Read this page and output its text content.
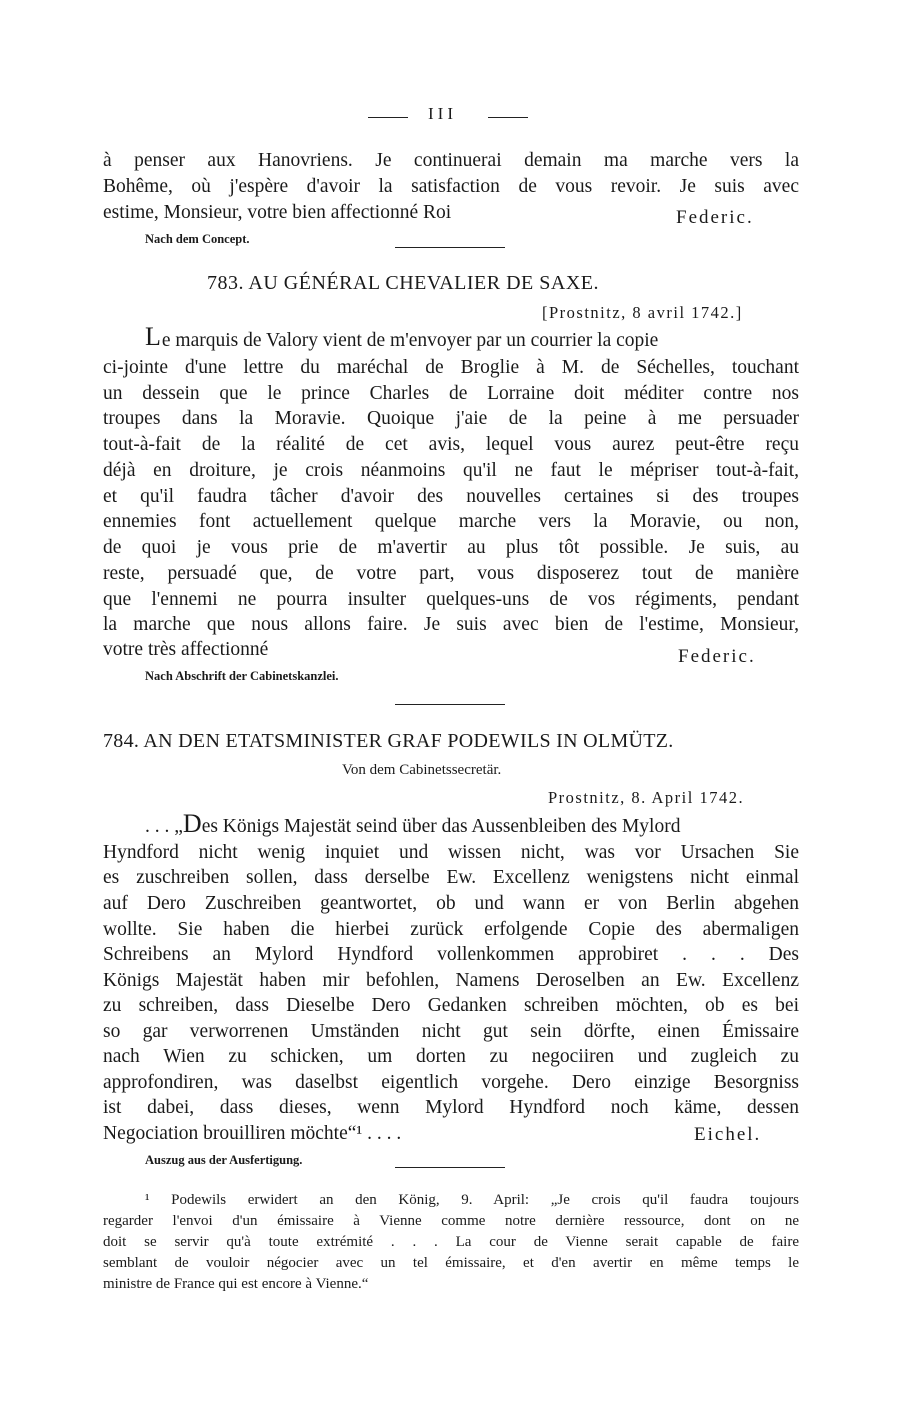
III
à penser aux Hanovriens. Je continuerai demain ma marche vers la
Bohême, où j'espère d'avoir la satisfaction de vous revoir. Je suis avec
estime, Monsieur, votre bien affectionné Roi	Federic.
Nach dem Concept.
783. AU GÉNÉRAL CHEVALIER DE SAXE.
[Prostnitz, 8 avril 1742.]
L e marquis de Valory vient de m'envoyer par un courrier la copie
ci-jointe d'une lettre du maréchal de Broglie à M. de Séchelles, touchant
un dessein que le prince Charles de Lorraine doit méditer contre nos
troupes dans la Moravie. Quoique j'aie de la peine à me persuader
tout-à-fait de la réalité de cet avis, lequel vous aurez peut-être reçu
déjà en droiture, je crois néanmoins qu'il ne faut le mépriser tout-à-fait,
et qu'il faudra tâcher d'avoir des nouvelles certaines si des troupes
ennemies font actuellement quelque marche vers la Moravie, ou non,
de quoi je vous prie de m'avertir au plus tôt possible. Je suis, au
reste, persuadé que, de votre part, vous disposerez tout de manière
que l'ennemi ne pourra insulter quelques-uns de vos régiments, pendant
la marche que nous allons faire. Je suis avec bien de l'estime, Monsieur,
votre très affectionné	Federic.
Nach Abschrift der Cabinetskanzlei.
784. AN DEN ETATSMINISTER GRAF PODEWILS IN OLMÜTZ.
Von dem Cabinetssecretär.
Prostnitz, 8. April 1742.
. . . „Des Königs Majestät seind über das Aussenbleiben des Mylord
Hyndford nicht wenig inquiet und wissen nicht, was vor Ursachen Sie
es zuschreiben sollen, dass derselbe Ew. Excellenz wenigstens nicht einmal
auf Dero Zuschreiben geantwortet, ob und wann er von Berlin abgehen
wollte. Sie haben die hierbei zurück erfolgende Copie des abermaligen
Schreibens an Mylord Hyndford vollenkommen approbiret . . . Des
Königs Majestät haben mir befohlen, Namens Deroselben an Ew. Excellenz
zu schreiben, dass Dieselbe Dero Gedanken schreiben möchten, ob es bei
so gar verworrenen Umständen nicht gut sein dörfte, einen Émissaire
nach Wien zu schicken, um dorten zu negociiren und zugleich zu
approfondiren, was daselbst eigentlich vorgehe. Dero einzige Besorgniss
ist dabei, dass dieses, wenn Mylord Hyndford noch käme, dessen
Negociation brouilliren möchte“¹ . . . .	Eichel.
Auszug aus der Ausfertigung.
¹ Podewils erwidert an den König, 9. April: „Je crois qu'il faudra toujours
regarder l'envoi d'un émissaire à Vienne comme notre dernière ressource, dont on ne
doit se servir qu'à toute extrémité . . . La cour de Vienne serait capable de faire
semblant de vouloir négocier avec un tel émissaire, et d'en avertir en même temps le
ministre de France qui est encore à Vienne.“
